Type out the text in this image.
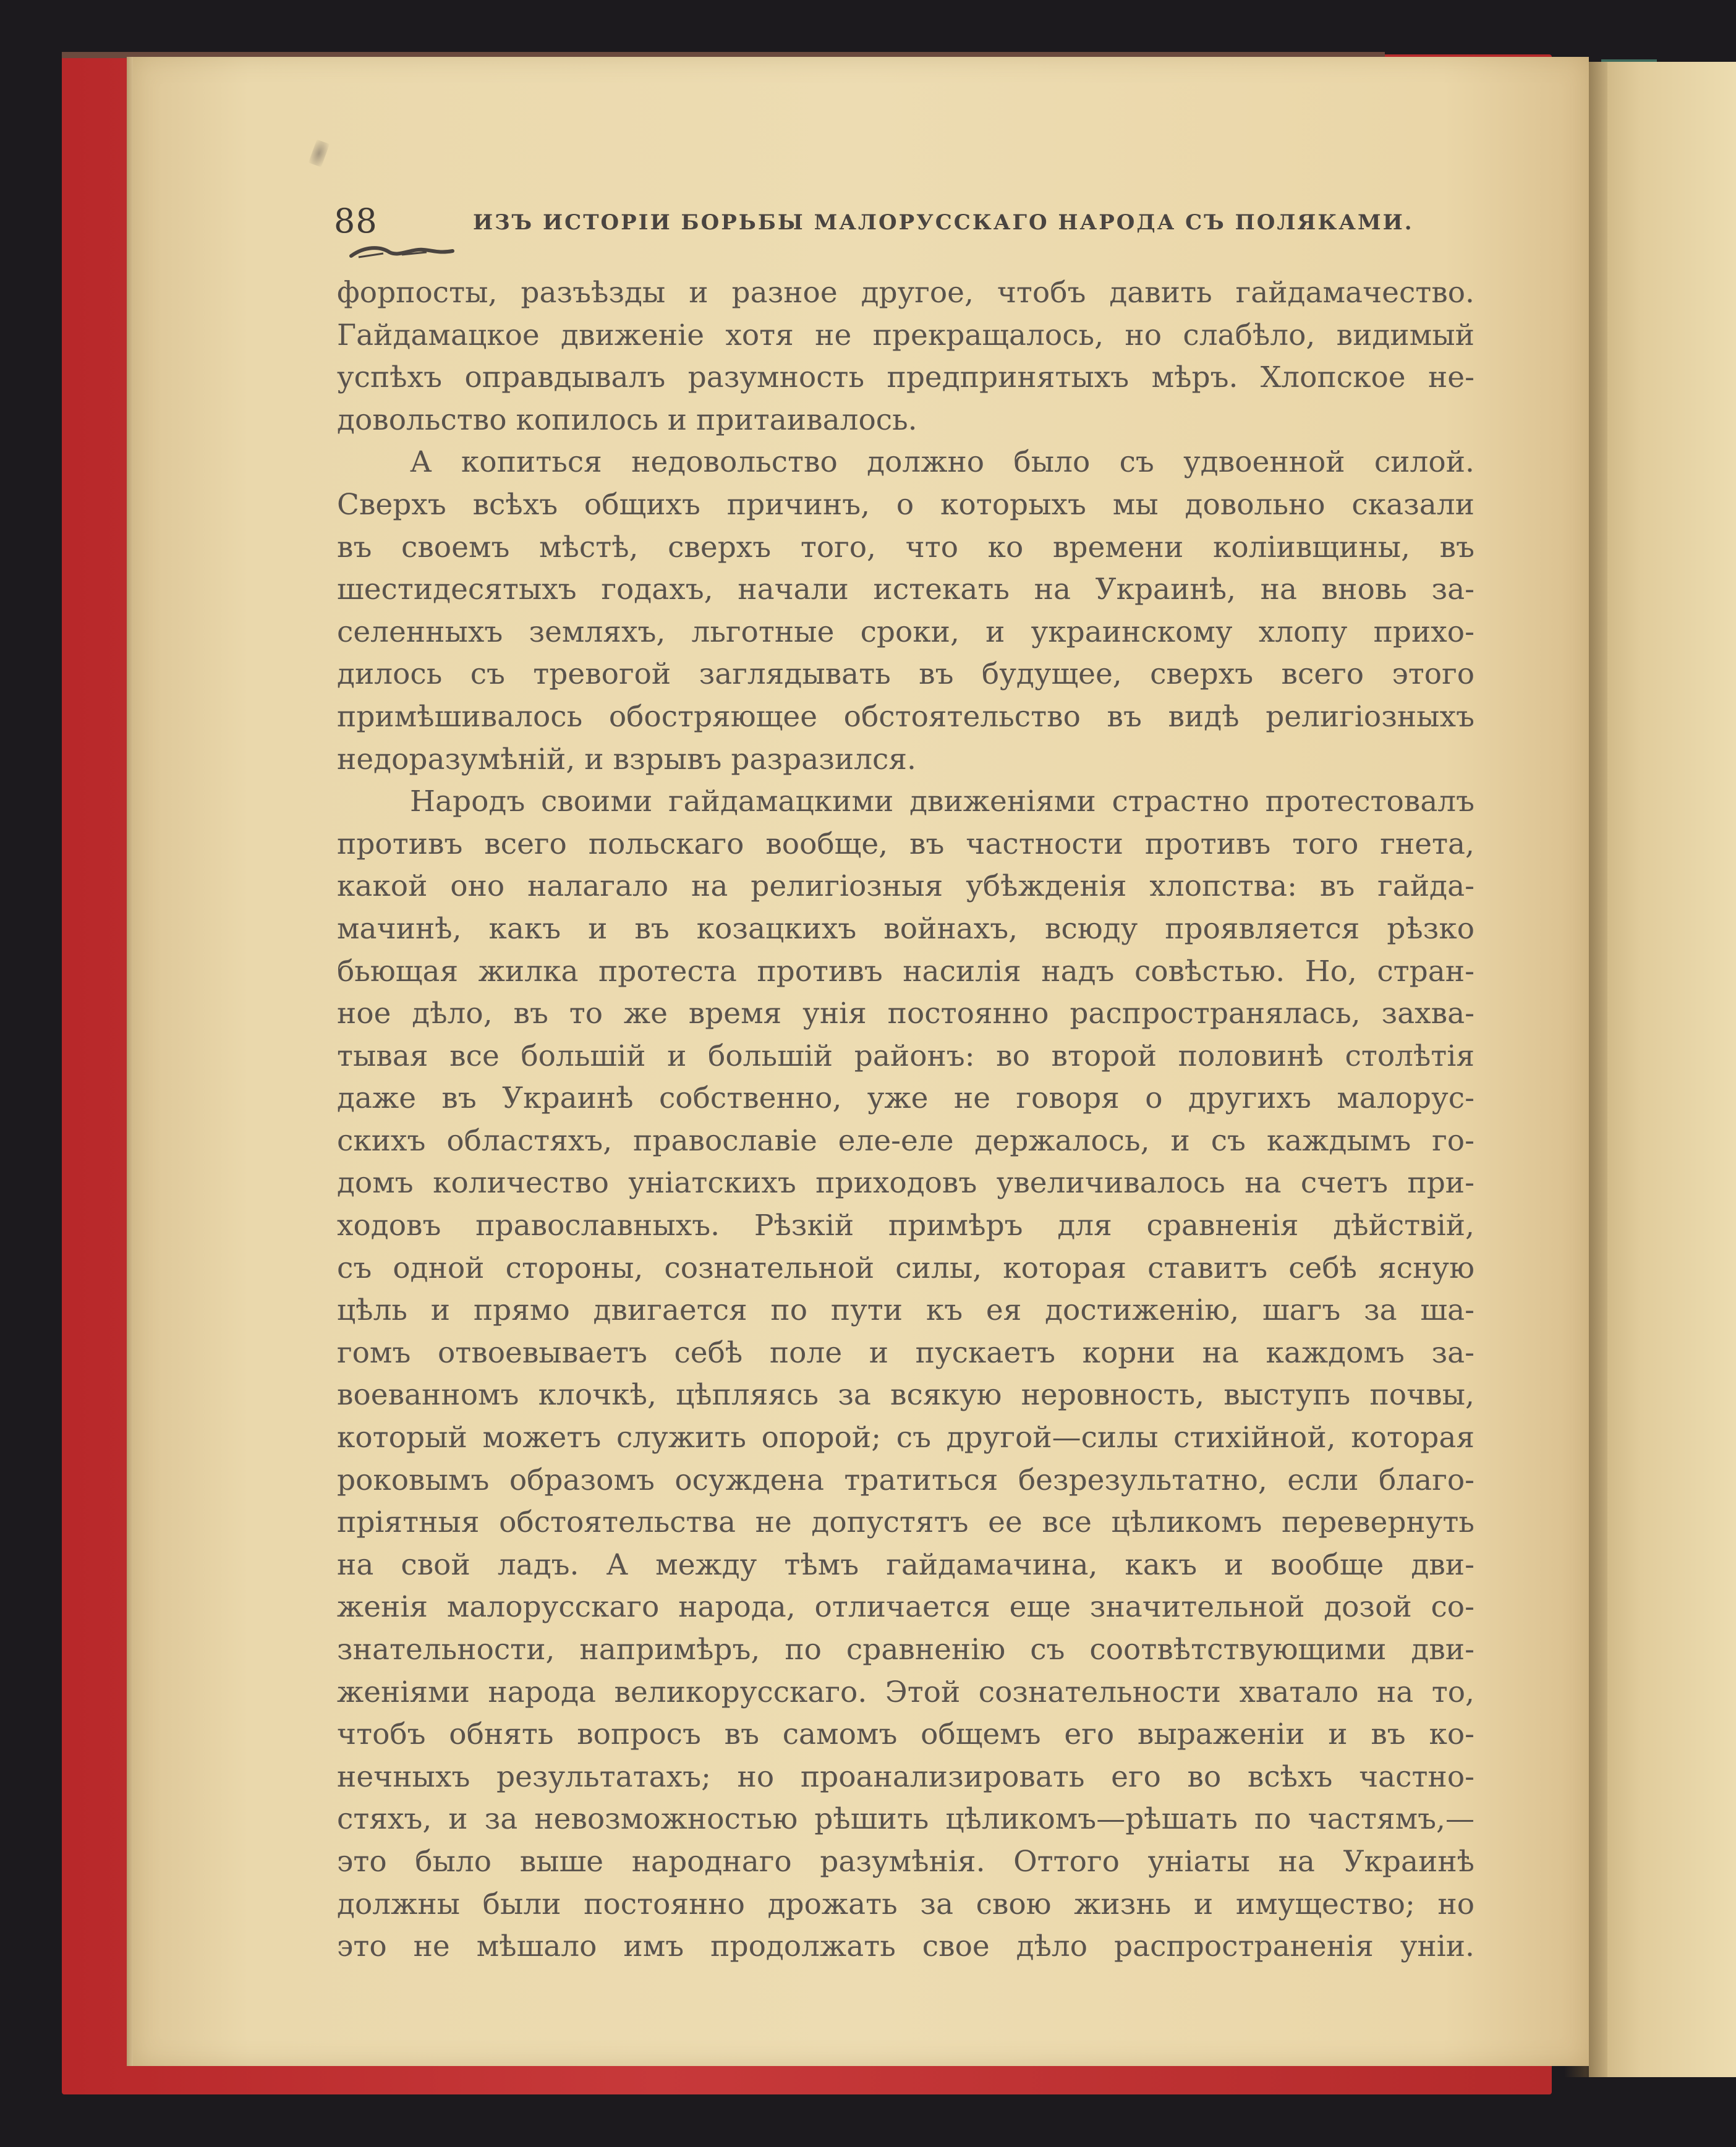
88	ИЗЪ ИСТОРІИ БОРЬБЫ МАЛОРУССКАГО НАРОДА СЪ ПОЛЯКАМИ.
форпосты, разъѣзды и разное другое, чтобъ давить гайдамачество.
Гайдамацкое движеніе хотя не прекращалось, но слабѣло, видимый
успѣхъ оправдывалъ разумность предпринятыхъ мѣръ. Хлопское не-
довольство копилось и притаивалось.
А копиться недовольство должно было съ удвоенной силой.
Сверхъ всѣхъ общихъ причинъ, о которыхъ мы довольно сказали
въ своемъ мѣстѣ, сверхъ того, что ко времени коліивщины, въ
шестидесятыхъ годахъ, начали истекать на Украинѣ, на вновь за-
селенныхъ земляхъ, льготные сроки, и украинскому хлопу прихо-
дилось съ тревогой заглядывать въ будущее, сверхъ всего этого
примѣшивалось обостряющее обстоятельство въ видѣ религіозныхъ
недоразумѣній, и взрывъ разразился.
Народъ своими гайдамацкими движеніями страстно протестовалъ
противъ всего польскаго вообще, въ частности противъ того гнета,
какой оно налагало на религіозныя убѣжденія хлопства: въ гайда-
мачинѣ, какъ и въ козацкихъ войнахъ, всюду проявляется рѣзко
бьющая жилка протеста противъ насилія надъ совѣстью. Но, стран-
ное дѣло, въ то же время унія постоянно распространялась, захва-
тывая все большій и большій районъ: во второй половинѣ столѣтія
даже въ Украинѣ собственно, уже не говоря о другихъ малорус-
скихъ областяхъ, православіе еле-еле держалось, и съ каждымъ го-
домъ количество уніатскихъ приходовъ увеличивалось на счетъ при-
ходовъ православныхъ. Рѣзкій примѣръ для сравненія дѣйствій,
съ одной стороны, сознательной силы, которая ставитъ себѣ ясную
цѣль и прямо двигается по пути къ ея достиженію, шагъ за ша-
гомъ отвоевываетъ себѣ поле и пускаетъ корни на каждомъ за-
воеванномъ клочкѣ, цѣпляясь за всякую неровность, выступъ почвы,
который можетъ служить опорой; съ другой—силы стихійной, которая
роковымъ образомъ осуждена тратиться безрезультатно, если благо-
пріятныя обстоятельства не допустятъ ее все цѣликомъ перевернуть
на свой ладъ. А между тѣмъ гайдамачина, какъ и вообще дви-
женія малорусскаго народа, отличается еще значительной дозой со-
знательности, напримѣръ, по сравненію съ соотвѣтствующими дви-
женіями народа великорусскаго. Этой сознательности хватало на то,
чтобъ обнять вопросъ въ самомъ общемъ его выраженіи и въ ко-
нечныхъ результатахъ; но проанализировать его во всѣхъ частно-
стяхъ, и за невозможностью рѣшить цѣликомъ—рѣшать по частямъ,—
это было выше народнаго разумѣнія. Оттого уніаты на Украинѣ
должны были постоянно дрожать за свою жизнь и имущество; но
это не мѣшало имъ продолжать свое дѣло распространенія уніи.
